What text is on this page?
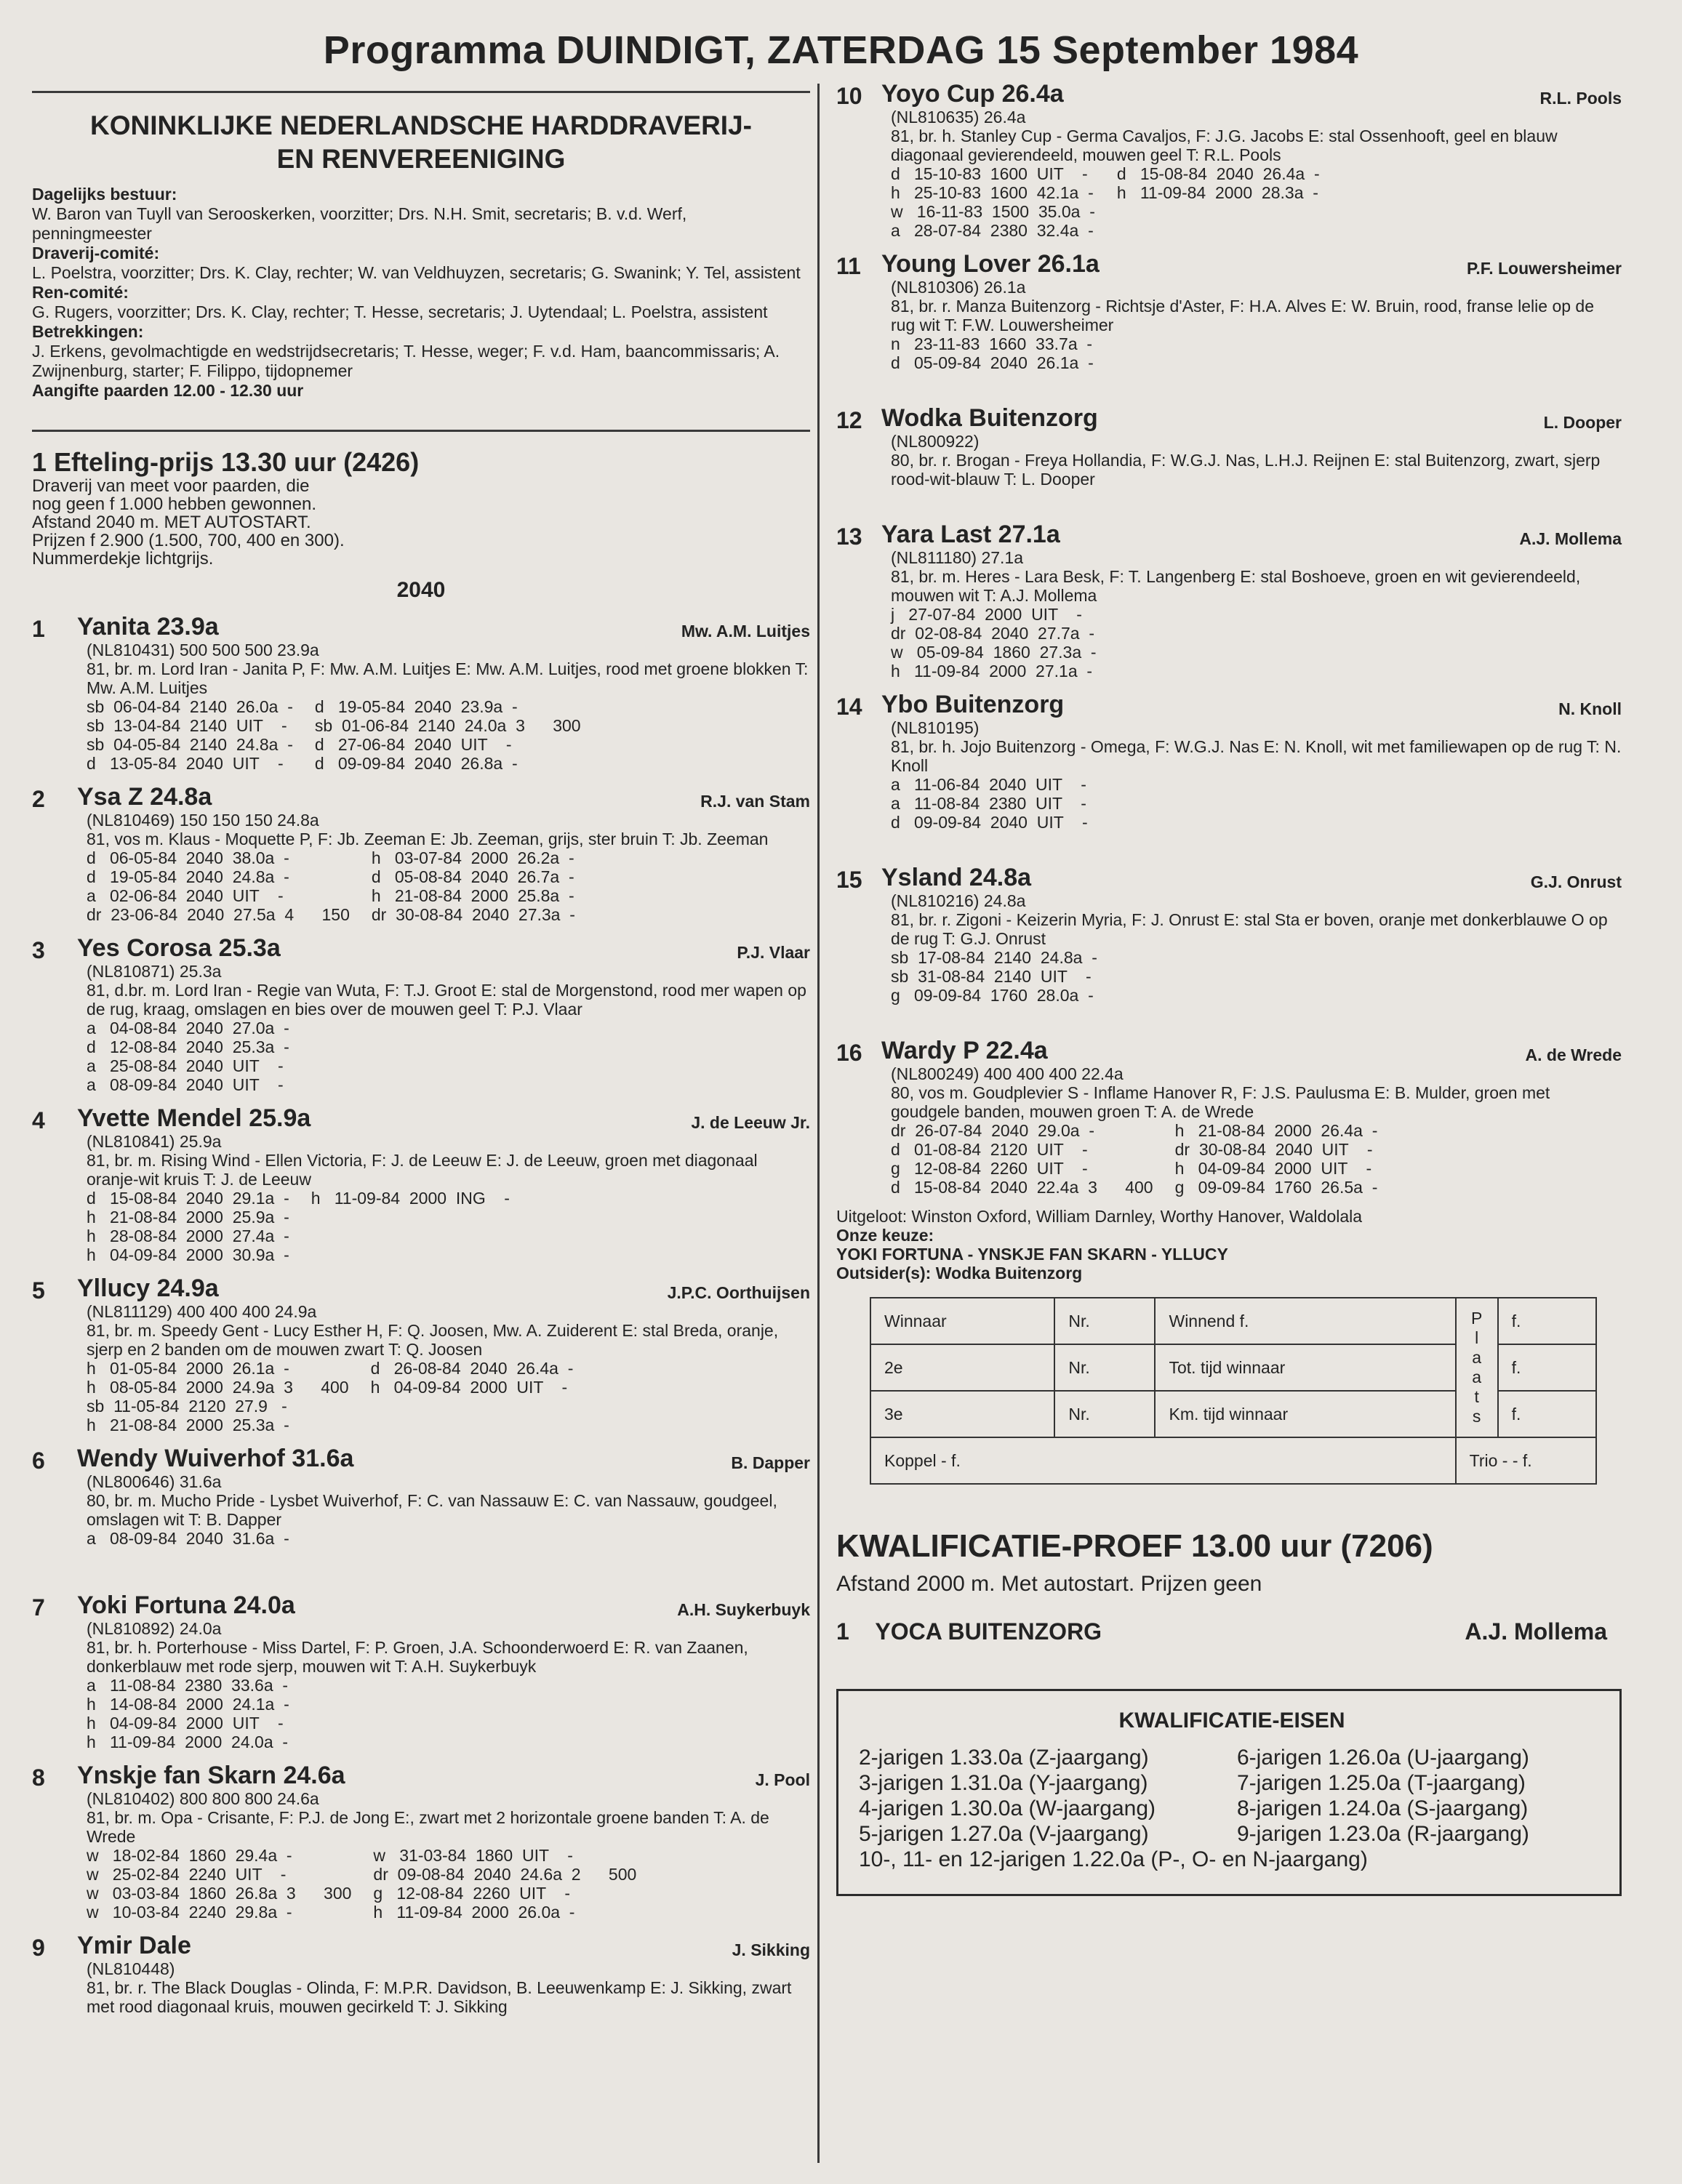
Programma DUINDIGT, ZATERDAG 15 September 1984
KONINKLIJKE NEDERLANDSCHE HARDDRAVERIJ-
EN RENVEREENIGING
Dagelijks bestuur:
W. Baron van Tuyll van Serooskerken, voorzitter; Drs. N.H. Smit, secretaris; B. v.d. Werf, penningmeester
Draverij-comité:
L. Poelstra, voorzitter; Drs. K. Clay, rechter; W. van Veldhuyzen, secretaris; G. Swanink; Y. Tel, assistent
Ren-comité:
G. Rugers, voorzitter; Drs. K. Clay, rechter; T. Hesse, secretaris; J. Uytendaal; L. Poelstra, assistent
Betrekkingen:
J. Erkens, gevolmachtigde en wedstrijdsecretaris; T. Hesse, weger; F. v.d. Ham, baancommissaris; A. Zwijnenburg, starter; F. Filippo, tijdopnemer
Aangifte paarden 12.00 - 12.30 uur
1 Efteling-prijs 13.30 uur (2426)
Draverij van meet voor paarden, die
nog geen f 1.000 hebben gewonnen.
Afstand 2040 m. MET AUTOSTART.
Prijzen f 2.900 (1.500, 700, 400 en 300).
Nummerdekje lichtgrijs.
2040
1	Yanita 23.9a	Mw. A.M. Luitjes
(NL810431) 500 500 500 23.9a
81, br. m. Lord Iran - Janita P, F: Mw. A.M. Luitjes E: Mw. A.M. Luitjes, rood met groene blokken T: Mw. A.M. Luitjes
sb  06-04-84  2140  26.0a  -
sb  13-04-84  2140  UIT    -
sb  04-05-84  2140  24.8a  -
d   13-05-84  2040  UIT    -
d   19-05-84  2040  23.9a  -
sb  01-06-84  2140  24.0a  3      300
d   27-06-84  2040  UIT    -
d   09-09-84  2040  26.8a  -
2	Ysa Z 24.8a	R.J. van Stam
(NL810469) 150 150 150 24.8a
81, vos m. Klaus - Moquette P, F: Jb. Zeeman E: Jb. Zeeman, grijs, ster bruin T: Jb. Zeeman
d   06-05-84  2040  38.0a  -
d   19-05-84  2040  24.8a  -
a   02-06-84  2040  UIT    -
dr  23-06-84  2040  27.5a  4      150
h   03-07-84  2000  26.2a  -
d   05-08-84  2040  26.7a  -
h   21-08-84  2000  25.8a  -
dr  30-08-84  2040  27.3a  -
3	Yes Corosa 25.3a	P.J. Vlaar
(NL810871) 25.3a
81, d.br. m. Lord Iran - Regie van Wuta, F: T.J. Groot E: stal de Morgenstond, rood mer wapen op de rug, kraag, omslagen en bies over de mouwen geel T: P.J. Vlaar
a   04-08-84  2040  27.0a  -
d   12-08-84  2040  25.3a  -
a   25-08-84  2040  UIT    -
a   08-09-84  2040  UIT    -
4	Yvette Mendel 25.9a	J. de Leeuw Jr.
(NL810841) 25.9a
81, br. m. Rising Wind - Ellen Victoria, F: J. de Leeuw E: J. de Leeuw, groen met diagonaal oranje-wit kruis T: J. de Leeuw
d   15-08-84  2040  29.1a  -
h   21-08-84  2000  25.9a  -
h   28-08-84  2000  27.4a  -
h   04-09-84  2000  30.9a  -
h   11-09-84  2000  ING    -
5	Yllucy 24.9a	J.P.C. Oorthuijsen
(NL811129) 400 400 400 24.9a
81, br. m. Speedy Gent - Lucy Esther H, F: Q. Joosen, Mw. A. Zuiderent E: stal Breda, oranje, sjerp en 2 banden om de mouwen zwart T: Q. Joosen
h   01-05-84  2000  26.1a  -
h   08-05-84  2000  24.9a  3      400
sb  11-05-84  2120  27.9   -
h   21-08-84  2000  25.3a  -
d   26-08-84  2040  26.4a  -
h   04-09-84  2000  UIT    -
6	Wendy Wuiverhof 31.6a	B. Dapper
(NL800646) 31.6a
80, br. m. Mucho Pride - Lysbet Wuiverhof, F: C. van Nassauw E: C. van Nassauw, goudgeel, omslagen wit T: B. Dapper
a   08-09-84  2040  31.6a  -
7	Yoki Fortuna 24.0a	A.H. Suykerbuyk
(NL810892) 24.0a
81, br. h. Porterhouse - Miss Dartel, F: P. Groen, J.A. Schoonderwoerd E: R. van Zaanen, donkerblauw met rode sjerp, mouwen wit T: A.H. Suykerbuyk
a   11-08-84  2380  33.6a  -
h   14-08-84  2000  24.1a  -
h   04-09-84  2000  UIT    -
h   11-09-84  2000  24.0a  -
8	Ynskje fan Skarn 24.6a	J. Pool
(NL810402) 800 800 800 24.6a
81, br. m. Opa - Crisante, F: P.J. de Jong E:, zwart met 2 horizontale groene banden T: A. de Wrede
w   18-02-84  1860  29.4a  -
w   25-02-84  2240  UIT    -
w   03-03-84  1860  26.8a  3      300
w   10-03-84  2240  29.8a  -
w   31-03-84  1860  UIT    -
dr  09-08-84  2040  24.6a  2      500
g   12-08-84  2260  UIT    -
h   11-09-84  2000  26.0a  -
9	Ymir Dale	J. Sikking
(NL810448)
81, br. r. The Black Douglas - Olinda, F: M.P.R. Davidson, B. Leeuwenkamp E: J. Sikking, zwart met rood diagonaal kruis, mouwen gecirkeld T: J. Sikking
10 Yoyo Cup 26.4a	R.L. Pools
(NL810635) 26.4a
81, br. h. Stanley Cup - Germa Cavaljos, F: J.G. Jacobs E: stal Ossenhooft, geel en blauw diagonaal gevierendeeld, mouwen geel T: R.L. Pools
d   15-10-83  1600  UIT    -
h   25-10-83  1600  42.1a  -
w   16-11-83  1500  35.0a  -
a   28-07-84  2380  32.4a  -
d   15-08-84  2040  26.4a  -
h   11-09-84  2000  28.3a  -
11 Young Lover 26.1a	P.F. Louwersheimer
(NL810306) 26.1a
81, br. r. Manza Buitenzorg - Richtsje d'Aster, F: H.A. Alves E: W. Bruin, rood, franse lelie op de rug wit T: F.W. Louwersheimer
n   23-11-83  1660  33.7a  -
d   05-09-84  2040  26.1a  -
12 Wodka Buitenzorg	L. Dooper
(NL800922)
80, br. r. Brogan - Freya Hollandia, F: W.G.J. Nas, L.H.J. Reijnen E: stal Buitenzorg, zwart, sjerp rood-wit-blauw T: L. Dooper
13 Yara Last 27.1a	A.J. Mollema
(NL811180) 27.1a
81, br. m. Heres - Lara Besk, F: T. Langenberg E: stal Boshoeve, groen en wit gevierendeeld, mouwen wit T: A.J. Mollema
j   27-07-84  2000  UIT    -
dr  02-08-84  2040  27.7a  -
w   05-09-84  1860  27.3a  -
h   11-09-84  2000  27.1a  -
14 Ybo Buitenzorg	N. Knoll
(NL810195)
81, br. h. Jojo Buitenzorg - Omega, F: W.G.J. Nas E: N. Knoll, wit met familiewapen op de rug T: N. Knoll
a   11-06-84  2040  UIT    -
a   11-08-84  2380  UIT    -
d   09-09-84  2040  UIT    -
15 Ysland 24.8a	G.J. Onrust
(NL810216) 24.8a
81, br. r. Zigoni - Keizerin Myria, F: J. Onrust E: stal Sta er boven, oranje met donkerblauwe O op de rug T: G.J. Onrust
sb  17-08-84  2140  24.8a  -
sb  31-08-84  2140  UIT    -
g   09-09-84  1760  28.0a  -
16 Wardy P 22.4a	A. de Wrede
(NL800249) 400 400 400 22.4a
80, vos m. Goudplevier S - Inflame Hanover R, F: J.S. Paulusma E: B. Mulder, groen met goudgele banden, mouwen groen T: A. de Wrede
dr  26-07-84  2040  29.0a  -
d   01-08-84  2120  UIT    -
g   12-08-84  2260  UIT    -
d   15-08-84  2040  22.4a  3      400
h   21-08-84  2000  26.4a  -
dr  30-08-84  2040  UIT    -
h   04-09-84  2000  UIT    -
g   09-09-84  1760  26.5a  -
Uitgeloot: Winston Oxford, William Darnley, Worthy Hanover, Waldolala
Onze keuze:
YOKI FORTUNA - YNSKJE FAN SKARN - YLLUCY
Outsider(s): Wodka Buitenzorg
Winnaar	Nr.	Winnend f.	P l a a t s	f.
2e	Nr.	Tot. tijd winnaar		f.
3e	Nr.	Km. tijd winnaar		f.
Koppel - f.			Trio - - f.	
KWALIFICATIE-PROEF 13.00 uur (7206)
Afstand 2000 m. Met autostart. Prijzen geen
1 YOCA BUITENZORG	A.J. Mollema
KWALIFICATIE-EISEN
2-jarigen 1.33.0a (Z-jaargang)	6-jarigen 1.26.0a (U-jaargang)
3-jarigen 1.31.0a (Y-jaargang)	7-jarigen 1.25.0a (T-jaargang)
4-jarigen 1.30.0a (W-jaargang)	8-jarigen 1.24.0a (S-jaargang)
5-jarigen 1.27.0a (V-jaargang)	9-jarigen 1.23.0a (R-jaargang)
10-, 11- en 12-jarigen 1.22.0a (P-, O- en N-jaargang)
